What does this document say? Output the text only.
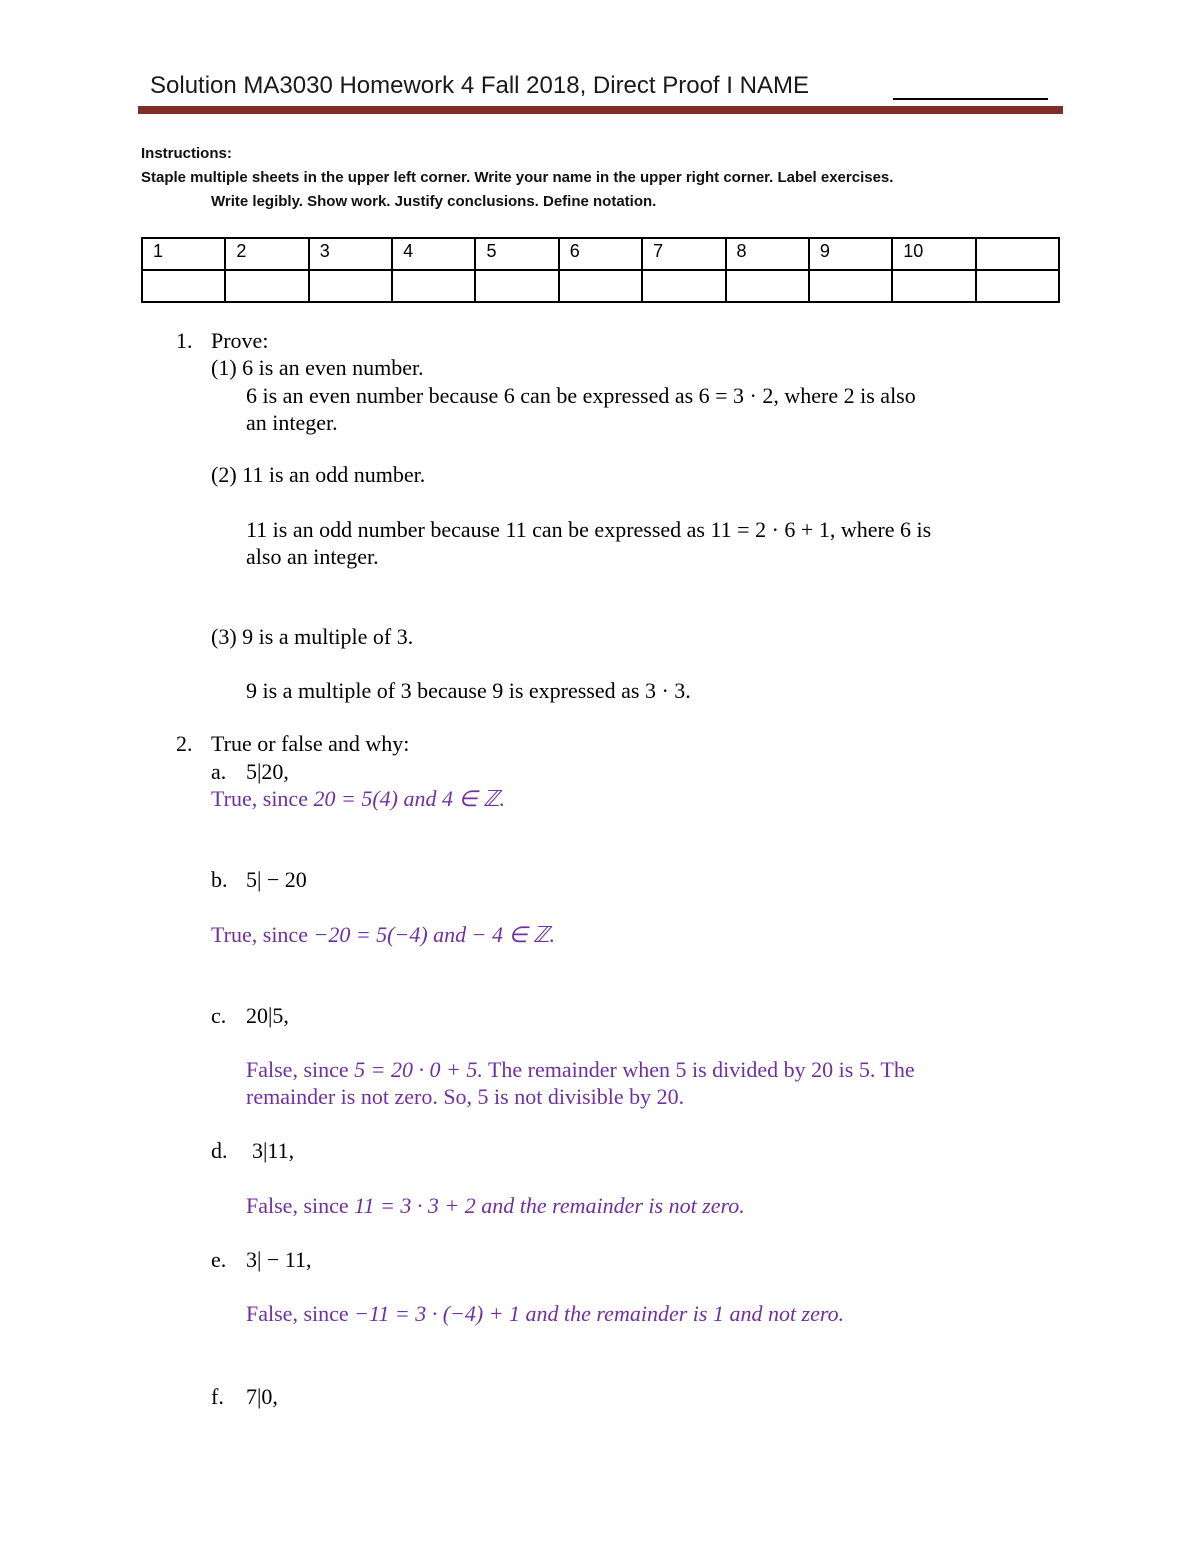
Solution MA3030 Homework 4 Fall 2018, Direct Proof I NAME
Instructions:
Staple multiple sheets in the upper left corner. Write your name in the upper right corner. Label exercises.
Write legibly. Show work. Justify conclusions. Define notation.
1	2	3	4	5	6	7	8	9	10	

1. Prove:
(1) 6 is an even number.
6 is an even number because 6 can be expressed as 6 = 3 · 2, where 2 is also
an integer.
(2) 11 is an odd number.
11 is an odd number because 11 can be expressed as 11 = 2 · 6 + 1, where 6 is
also an integer.
(3) 9 is a multiple of 3.
9 is a multiple of 3 because 9 is expressed as 3 · 3.
2. True or false and why:
a. 5|20,
True, since 20 = 5(4) and 4 ∈ ℤ.
b. 5| − 20
True, since −20 = 5(−4) and − 4 ∈ ℤ.
c. 20|5,
False, since 5 = 20 · 0 + 5. The remainder when 5 is divided by 20 is 5. The
remainder is not zero. So, 5 is not divisible by 20.
d. 3|11,
False, since 11 = 3 · 3 + 2 and the remainder is not zero.
e. 3| − 11,
False, since −11 = 3 · (−4) + 1 and the remainder is 1 and not zero.
f. 7|0,
